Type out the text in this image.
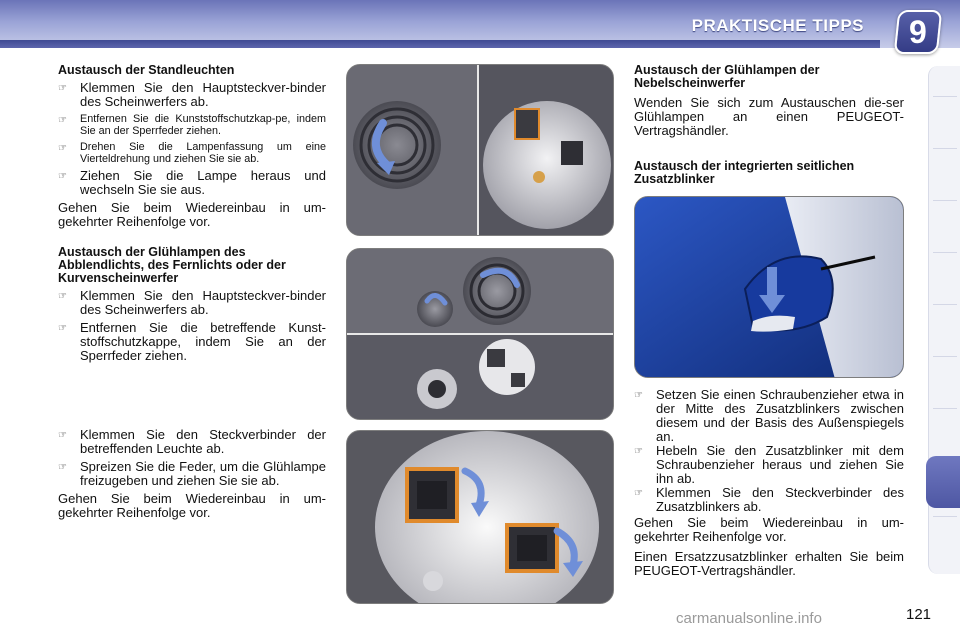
PRAKTISCHE TIPPS	9
Austausch der Standleuchten
☞	Klemmen Sie den Hauptsteckver-binder des Scheinwerfers ab.
☞	Entfernen Sie die Kunststoffschutzkap-pe, indem Sie an der Sperrfeder ziehen.
☞	Drehen Sie die Lampenfassung um eine Vierteldrehung und ziehen Sie sie ab.
☞	Ziehen Sie die Lampe heraus und wechseln Sie sie aus.
Gehen Sie beim Wiedereinbau in um-gekehrter Reihenfolge vor.
Austausch der Glühlampen des Abblendlichts, des Fernlichts oder der Kurvenscheinwerfer
☞	Klemmen Sie den Hauptsteckver-binder des Scheinwerfers ab.
☞	Entfernen Sie die betreffende Kunst-stoffschutzkappe, indem Sie an der Sperrfeder ziehen.
☞	Klemmen Sie den Steckverbinder der betreffenden Leuchte ab.
☞	Spreizen Sie die Feder, um die Glühlampe freizugeben und ziehen Sie sie ab.
Gehen Sie beim Wiedereinbau in um-gekehrter Reihenfolge vor.
Austausch der Glühlampen der Nebelscheinwerfer
Wenden Sie sich zum Austauschen die-ser Glühlampen an einen PEUGEOT-Vertragshändler.
Austausch der integrierten seitlichen Zusatzblinker
☞	Setzen Sie einen Schraubenzieher etwa in der Mitte des Zusatzblinkers zwischen diesem und der Basis des Außenspiegels an.
☞	Hebeln Sie den Zusatzblinker mit dem Schraubenzieher heraus und ziehen Sie ihn ab.
☞	Klemmen Sie den Steckverbinder des Zusatzblinkers ab.
Gehen Sie beim Wiedereinbau in um-gekehrter Reihenfolge vor.
Einen Ersatzzusatzblinker erhalten Sie beim PEUGEOT-Vertragshändler.
121
carmanualsonline.info
